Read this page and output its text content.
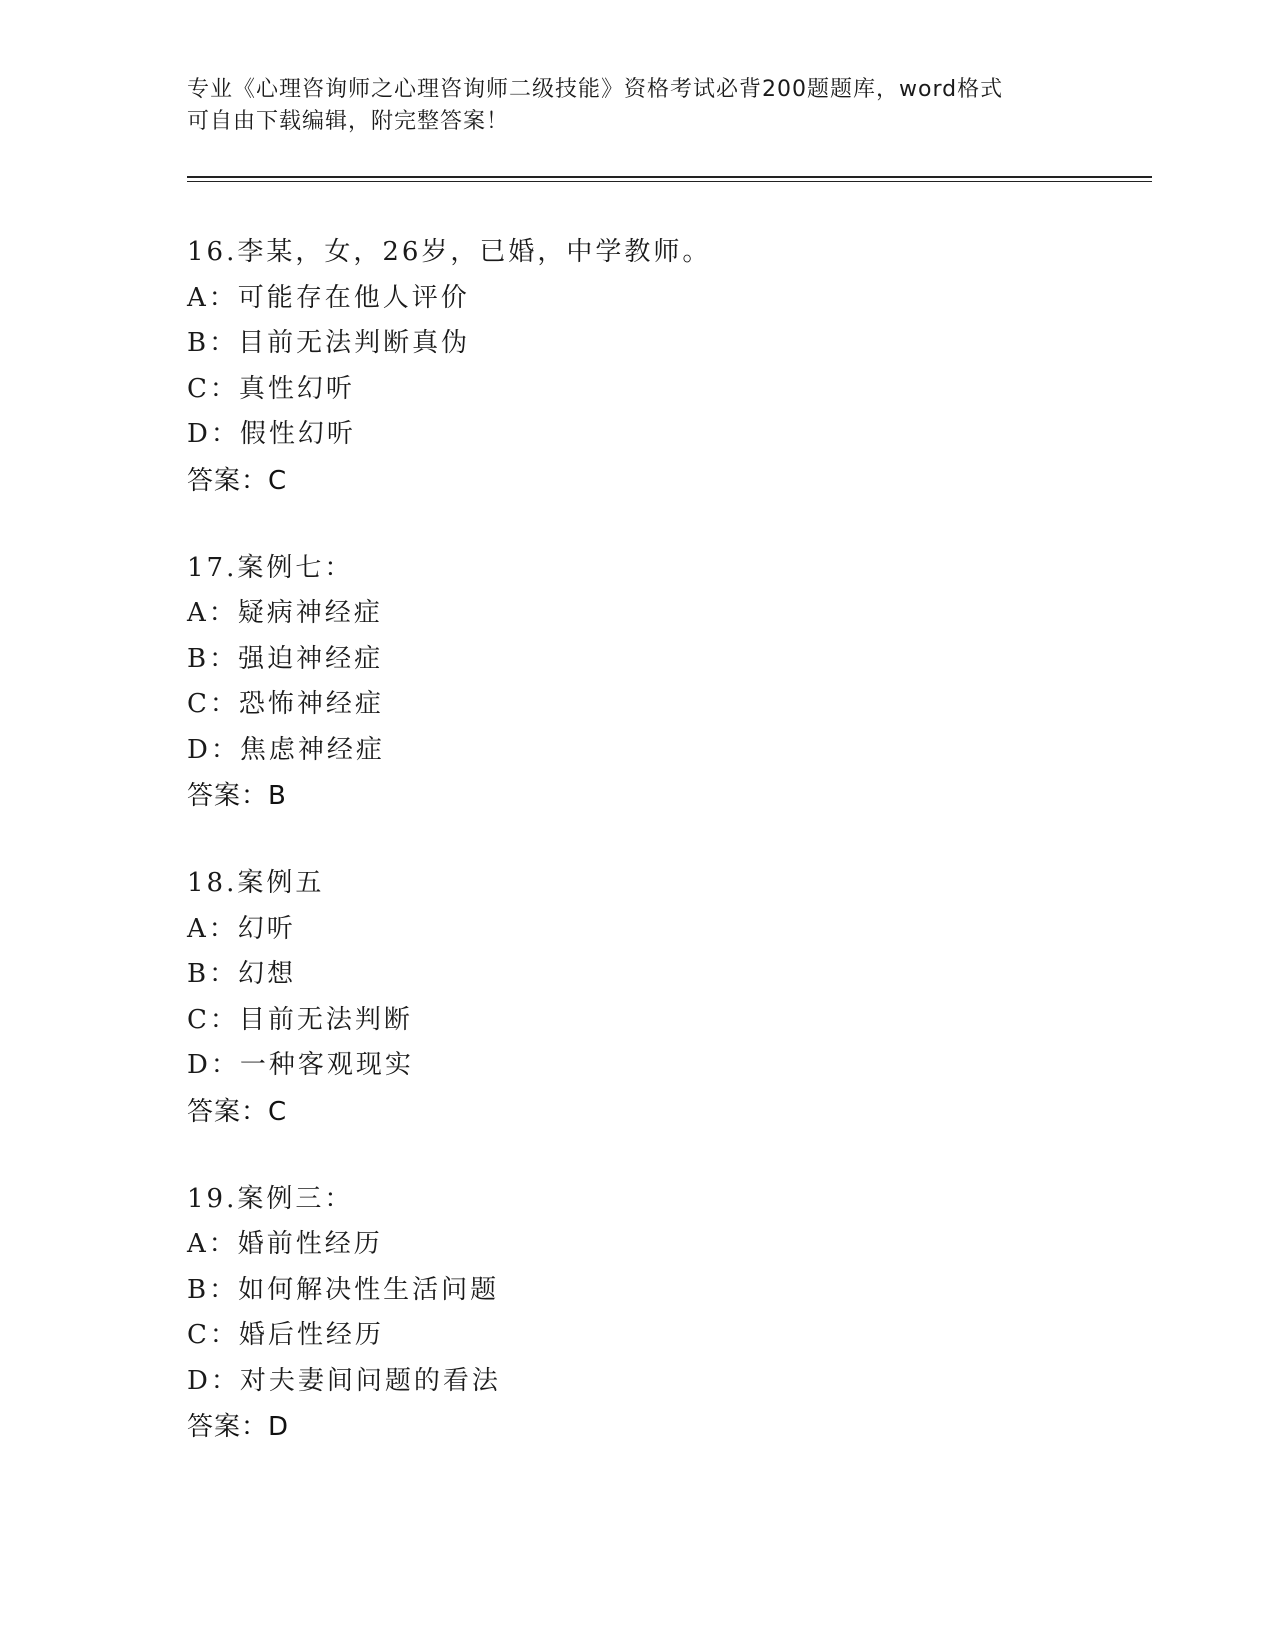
专业《心理咨询师之心理咨询师二级技能》资格考试必背200题题库，word格式
可自由下载编辑，附完整答案！
16.李某，女，26岁，已婚，中学教师。
A：可能存在他人评价
B：目前无法判断真伪
C：真性幻听
D：假性幻听
答案：C
17.案例七：
A：疑病神经症
B：强迫神经症
C：恐怖神经症
D：焦虑神经症
答案：B
18.案例五
A：幻听
B：幻想
C：目前无法判断
D：一种客观现实
答案：C
19.案例三：
A：婚前性经历
B：如何解决性生活问题
C：婚后性经历
D：对夫妻间问题的看法
答案：D
